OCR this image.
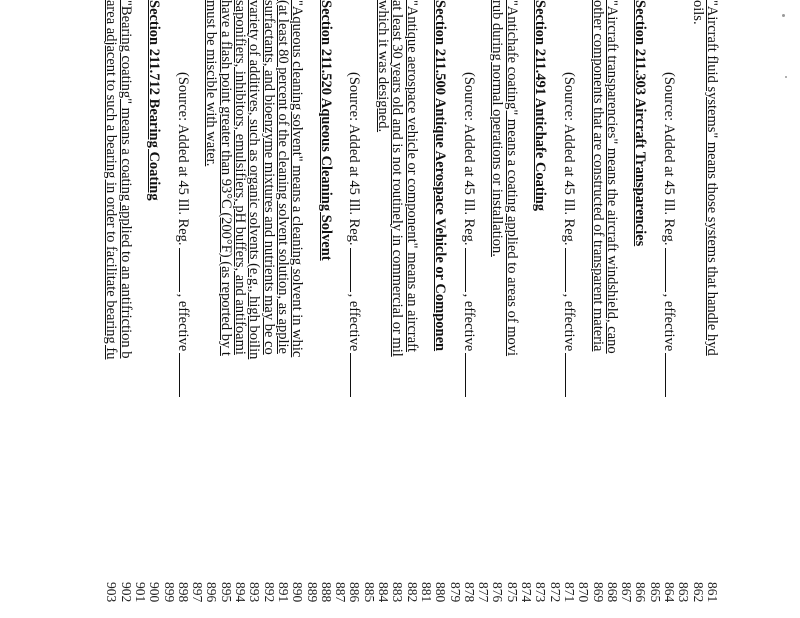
861
"Aircraft fluid systems" means those systems that handle hyd
862
oils.
863
864
(Source: Added at 45 Ill. Reg., effective
865
866
Section 211.303 Aircraft Transparencies
867
868
"Aircraft transparencies" means the aircraft windshield, cano
869
other components that are constructed of transparent materia
870
871
(Source: Added at 45 Ill. Reg., effective
872
873
Section 211.491 Antichafe Coating
874
875
"Antichafe coating" means a coating applied to areas of movi
876
rub during normal operations or installation.
877
878
(Source: Added at 45 Ill. Reg., effective
879
880
Section 211.500 Antique Aerospace Vehicle or Componen
881
882
"Antique aerospace vehicle or component" means an aircraft
883
at least 30 years old and is not routinely in commercial or mil
884
which it was designed.
885
886
(Source: Added at 45 Ill. Reg., effective
887
888
Section 211.520 Aqueous Cleaning Solvent
889
890
"Aqueous cleaning solvent" means a cleaning solvent in whic
891
(at least 80 percent of the cleaning solvent solution, as applie
892
surfactants, and bioenzyme mixtures and nutrients may be co
893
variety of additives, such as organic solvents (e.g., high boilin
894
saponifiers, inhibitors, emulsifiers, pH buffers, and antifoami
895
have a flash point greater than 93°C (200°F) (as reported by t
896
must be miscible with water.
897
898
(Source: Added at 45 Ill. Reg., effective
899
900
Section 211.712 Bearing Coating
901
902
"Bearing coating" means a coating applied to an antifriction b
903
area adjacent to such a bearing in order to facilitate bearing fu
